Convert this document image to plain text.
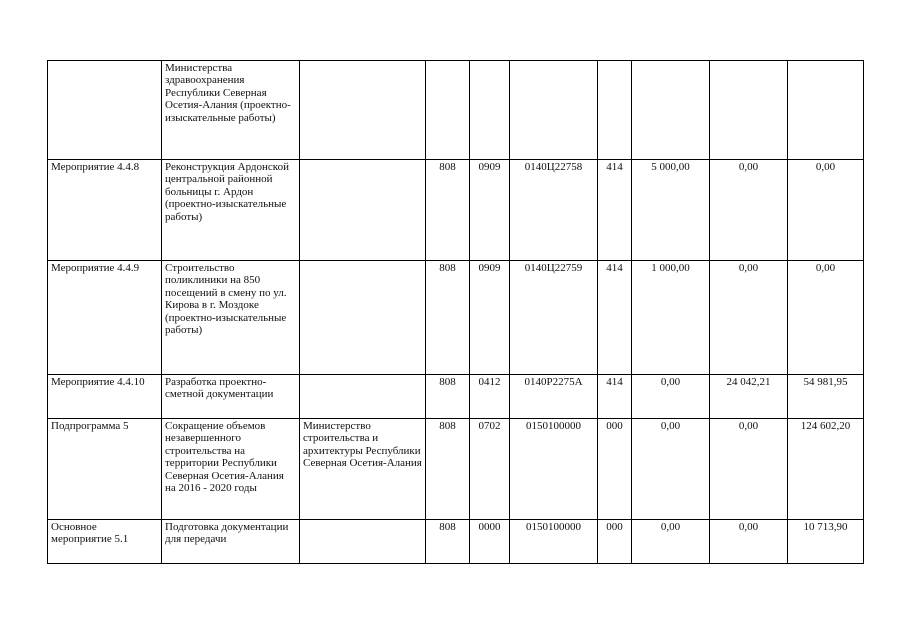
	Министерства здравоохранения Республики Северная Осетия-Алания (проектно-изыскательные работы)								
Мероприятие 4.4.8	Реконструкция Ардонской центральной районной больницы г. Ардон (проектно-изыскательные работы)		808	0909	0140Ц22758	414	5 000,00	0,00	0,00
Мероприятие 4.4.9	Строительство поликлиники на 850 посещений в смену по ул. Кирова в г. Моздоке (проектно-изыскательные работы)		808	0909	0140Ц22759	414	1 000,00	0,00	0,00
Мероприятие 4.4.10	Разработка проектно-сметной документации		808	0412	0140Р2275А	414	0,00	24 042,21	54 981,95
Подпрограмма 5	Сокращение объемов незавершенного строительства на территории Республики Северная Осетия-Алания на 2016 - 2020 годы	Министерство строительства и архитектуры Республики Северная Осетия-Алания	808	0702	0150100000	000	0,00	0,00	124 602,20
Основное мероприятие 5.1	Подготовка документации для передачи		808	0000	0150100000	000	0,00	0,00	10 713,90
